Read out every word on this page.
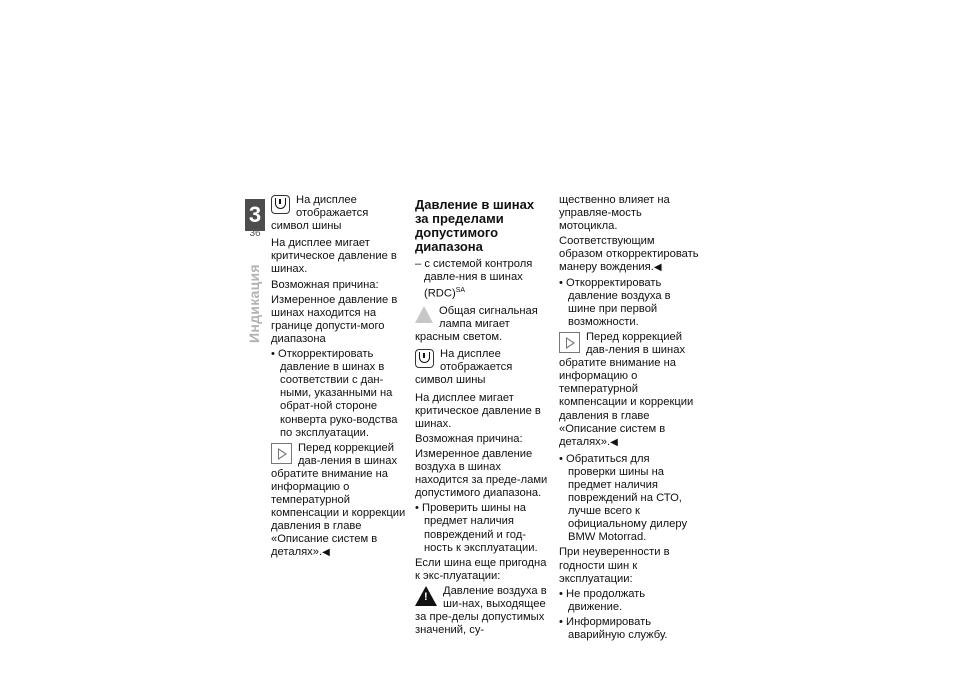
3
36
Индикация
На дисплее отображается символ шины

На дисплее мигает критическое давление в шинах.

Возможная причина:

Измеренное давление в шинах находится на границе допусти-мого диапазона

• Откорректировать давление в шинах в соответствии с дан-ными, указанными на обрат-ной стороне конверта руко-водства по эксплуатации.

Перед коррекцией дав-ления в шинах обратите внимание на информацию о температурной компенсации и коррекции давления в главе «Описание систем в деталях».◀
Давление в шинах за пределами допустимого диапазона

– с системой контроля давле-ния в шинах (RDC)$^{SA}$

Общая сигнальная лампа мигает красным светом.
На дисплее отображается символ шины

На дисплее мигает критическое давление в шинах.

Возможная причина:

Измеренное давление воздуха в шинах находится за преде-лами допустимого диапазона.

• Проверить шины на предмет наличия повреждений и год-ность к эксплуатации.

Если шина еще пригодна к экс-плуатации:

! Давление воздуха в ши-нах, выходящее за пре-делы допустимых значений, су-

щественно влияет на управляе-мость мотоцикла.

Соответствующим образом откорректировать манеру вождения.◀

• Откорректировать давление воздуха в шине при первой возможности.

Перед коррекцией дав-ления в шинах обратите внимание на информацию о температурной компенсации и коррекции давления в главе «Описание систем в деталях».◀

• Обратиться для проверки шины на предмет наличия повреждений на СТО, лучше всего к официальному дилеру BMW Motorrad.

При неуверенности в годности шин к эксплуатации:

• Не продолжать движение.

• Информировать аварийную службу.
